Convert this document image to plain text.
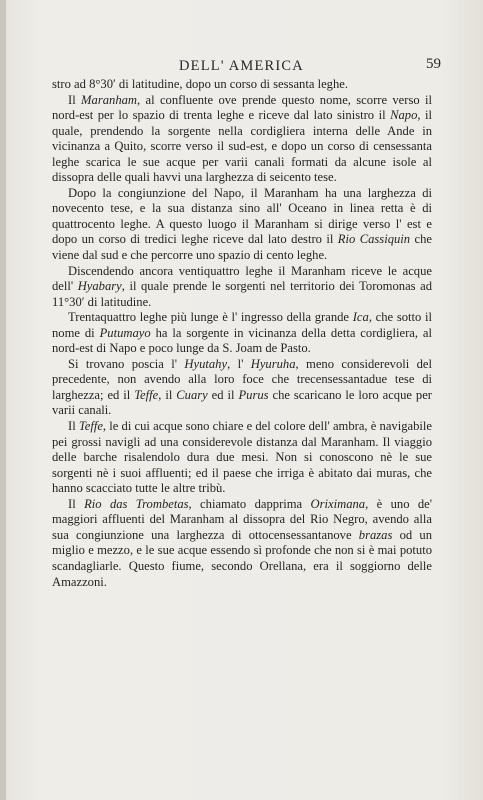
DELL' AMERICA	59

stro ad 8°30′ di latitudine, dopo un corso di sessanta leghe.

Il Maranham, al confluente ove prende questo nome, scorre verso il nord-est per lo spazio di trenta leghe e riceve dal lato sinistro il Napo, il quale, prendendo la sorgente nella cordigliera interna delle Ande in vicinanza a Quito, scorre verso il sud-est, e dopo un corso di censessanta leghe scarica le sue acque per varii canali formati da alcune isole al dissopra delle quali havvi una larghezza di seicento tese.

Dopo la congiunzione del Napo, il Maranham ha una larghezza di novecento tese, e la sua distanza sino all' Oceano in linea retta è di quattrocento leghe. A questo luogo il Maranham si dirige verso l' est e dopo un corso di tredici leghe riceve dal lato destro il Rio Cassiquin che viene dal sud e che percorre uno spazio di cento leghe.

Discendendo ancora ventiquattro leghe il Maranham riceve le acque dell' Hyabary, il quale prende le sorgenti nel territorio dei Toromonas ad 11°30′ di latitudine.

Trentaquattro leghe più lunge è l' ingresso della grande Ica, che sotto il nome di Putumayo ha la sorgente in vicinanza della detta cordigliera, al nord-est di Napo e poco lunge da S. Joam de Pasto.

Si trovano poscia l' Hyutahy, l' Hyuruha, meno considerevoli del precedente, non avendo alla loro foce che trecensessantadue tese di larghezza; ed il Teffe, il Cuary ed il Purus che scaricano le loro acque per varii canali.

Il Teffe, le di cui acque sono chiare e del colore dell' ambra, è navigabile pei grossi navigli ad una considerevole distanza dal Maranham. Il viaggio delle barche risalendolo dura due mesi. Non si conoscono nè le sue sorgenti nè i suoi affluenti; ed il paese che irriga è abitato dai muras, che hanno scacciato tutte le altre tribù.

Il Rio das Trombetas, chiamato dapprima Oriximana, è uno de' maggiori affluenti del Maranham al dissopra del Rio Negro, avendo alla sua congiunzione una larghezza di ottocensessantanove brazas od un miglio e mezzo, e le sue acque essendo sì profonde che non si è mai potuto scandagliarle. Questo fiume, secondo Orellana, era il soggiorno delle Amazzoni.
